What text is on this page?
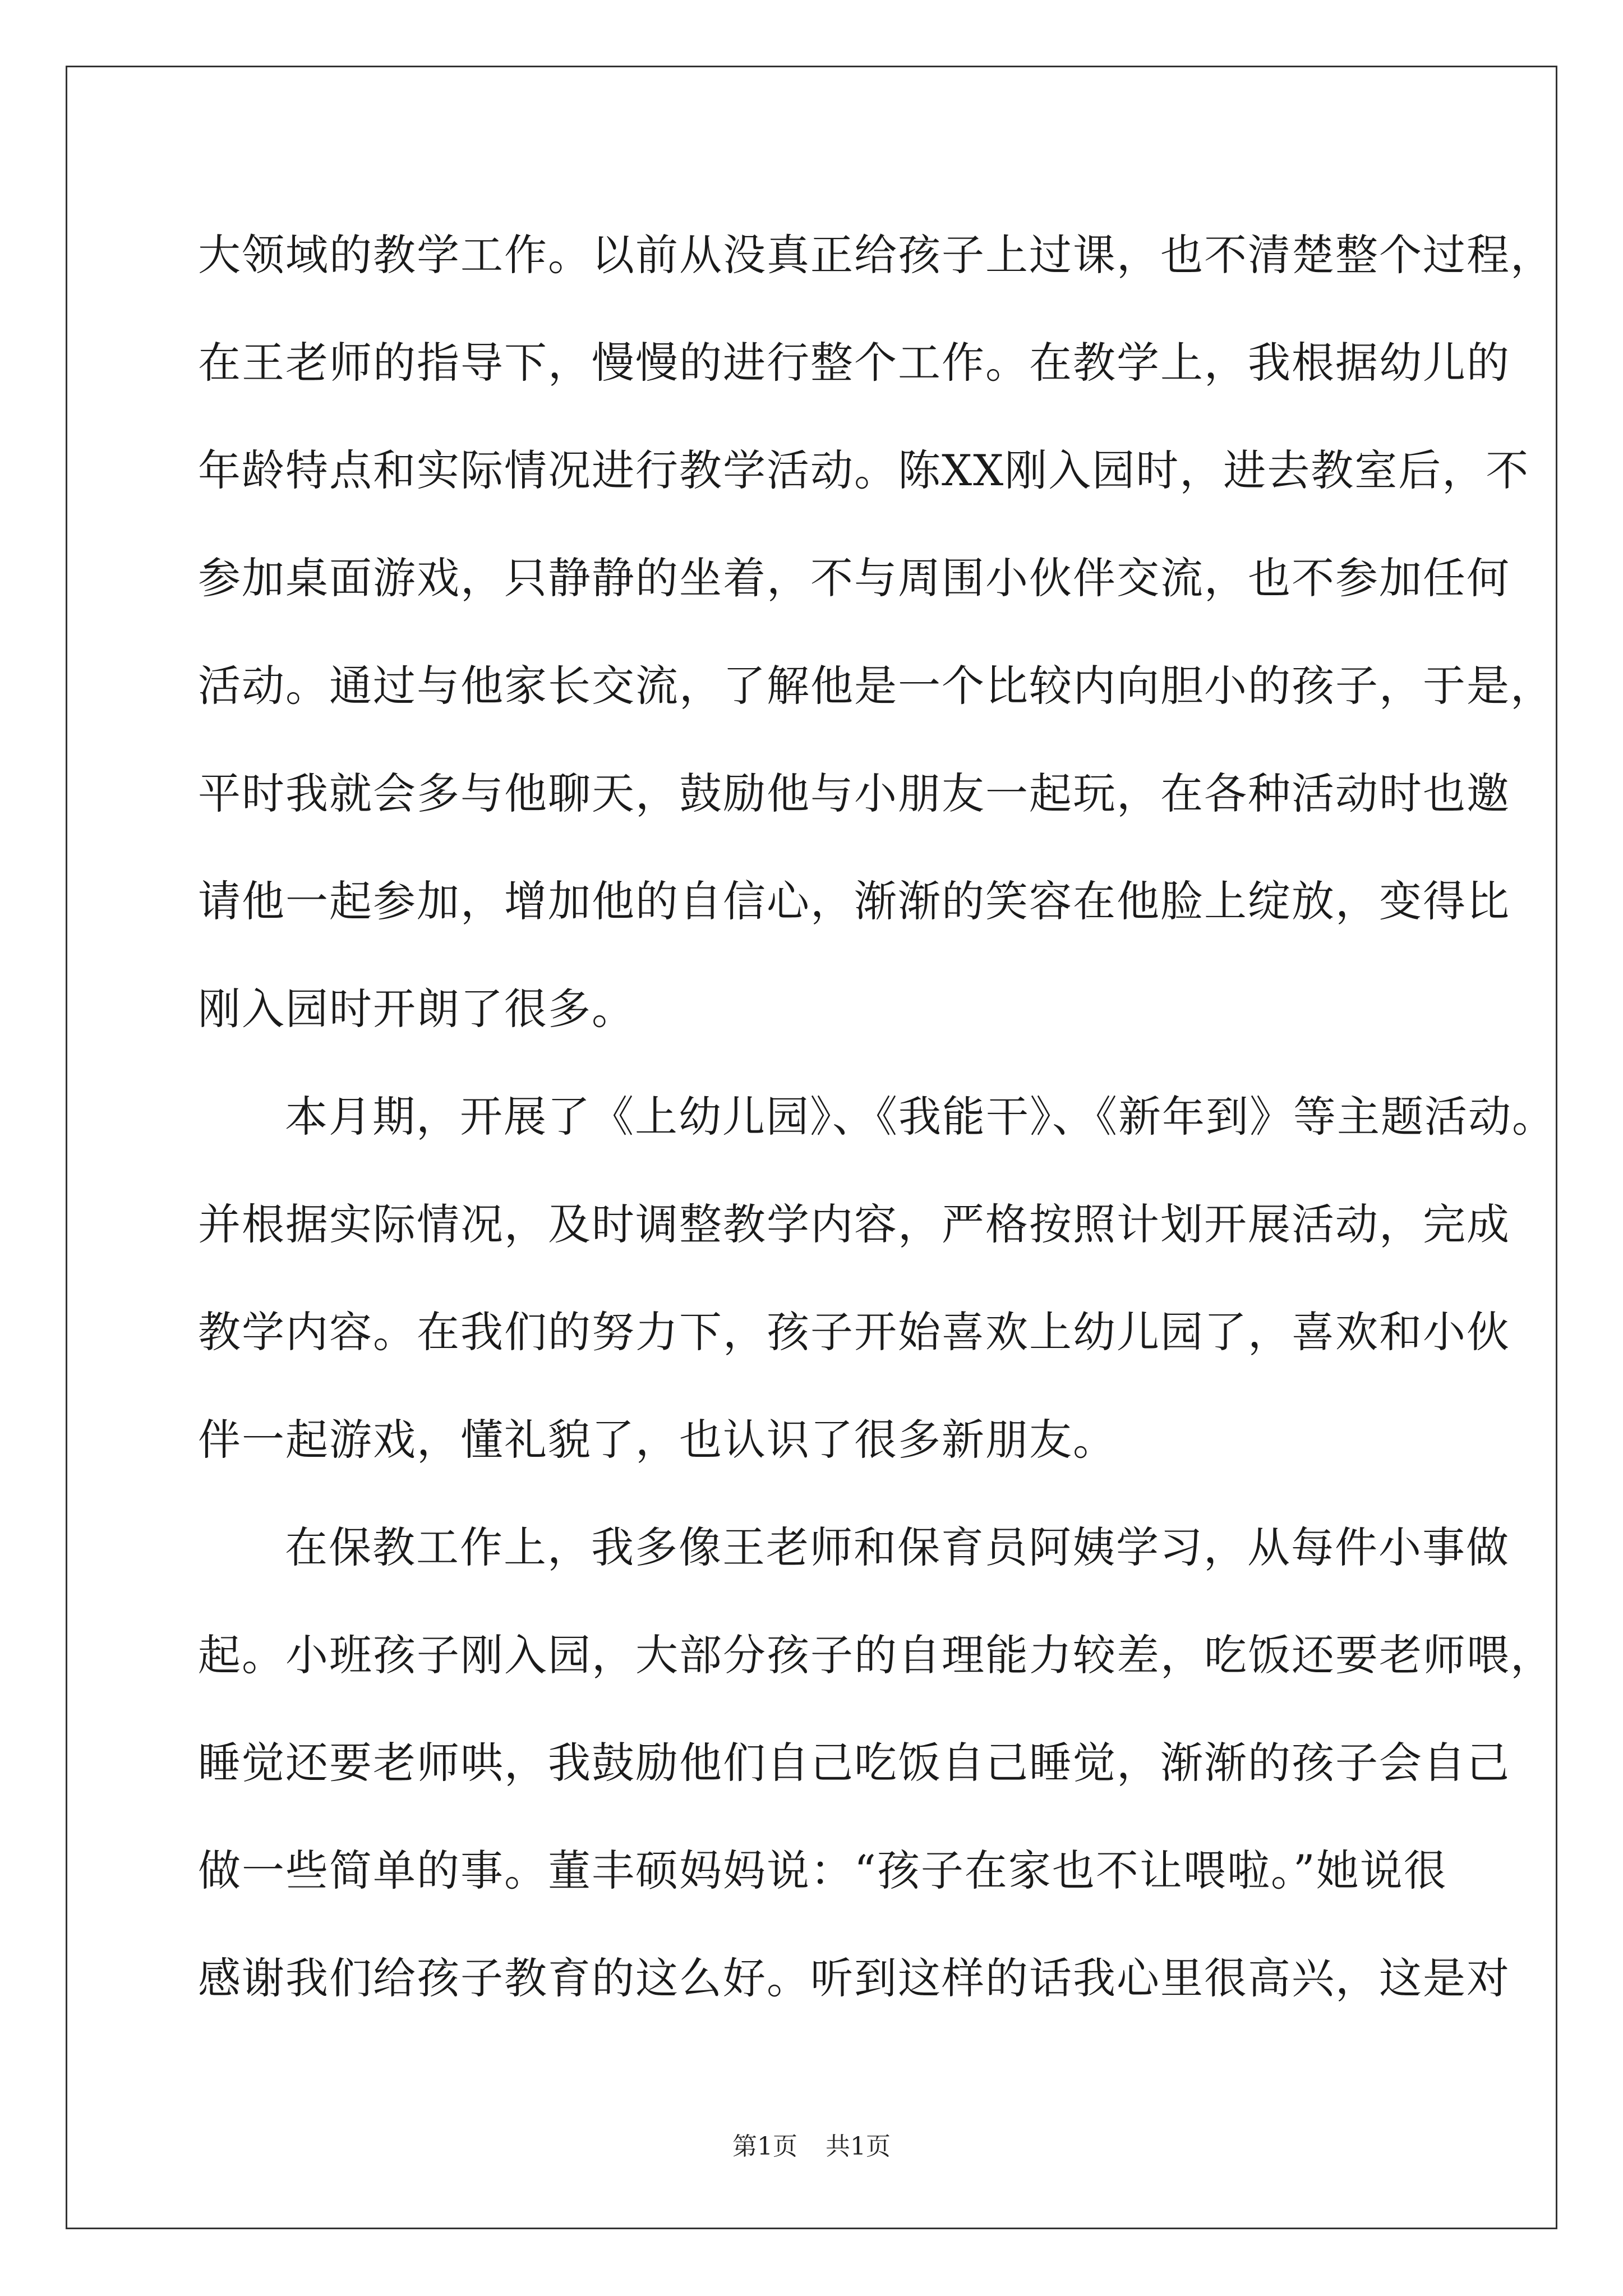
大领域的教学工作。以前从没真正给孩子上过课，也不清楚整个过程，
在王老师的指导下，慢慢的进行整个工作。在教学上，我根据幼儿的
年龄特点和实际情况进行教学活动。陈XX刚入园时，进去教室后，不
参加桌面游戏，只静静的坐着，不与周围小伙伴交流，也不参加任何
活动。通过与他家长交流，了解他是一个比较内向胆小的孩子，于是，
平时我就会多与他聊天，鼓励他与小朋友一起玩，在各种活动时也邀
请他一起参加，增加他的自信心，渐渐的笑容在他脸上绽放，变得比
刚入园时开朗了很多。
本月期，开展了《上幼儿园》、《我能干》、《新年到》等主题活动。
并根据实际情况，及时调整教学内容，严格按照计划开展活动，完成
教学内容。在我们的努力下，孩子开始喜欢上幼儿园了，喜欢和小伙
伴一起游戏，懂礼貌了，也认识了很多新朋友。
在保教工作上，我多像王老师和保育员阿姨学习，从每件小事做
起。小班孩子刚入园，大部分孩子的自理能力较差，吃饭还要老师喂，
睡觉还要老师哄，我鼓励他们自己吃饭自己睡觉，渐渐的孩子会自己
做一些简单的事。董丰硕妈妈说：“孩子在家也不让喂啦。”她说很
感谢我们给孩子教育的这么好。听到这样的话我心里很高兴，这是对
第1页 共1页
